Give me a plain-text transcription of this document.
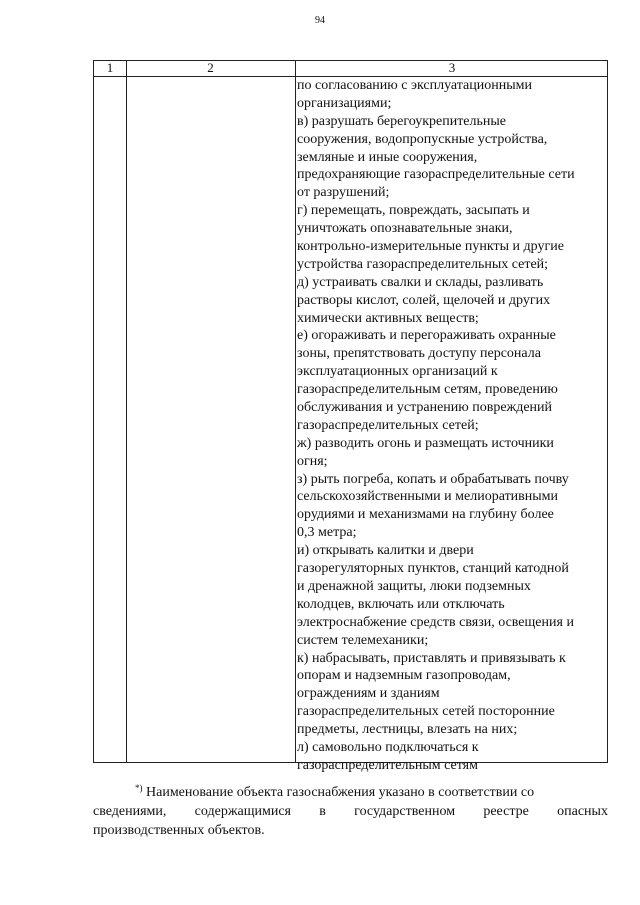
94
1	2	3
по согласованию с эксплуатационными
организациями;
в) разрушать берегоукрепительные
сооружения, водопропускные устройства,
земляные и иные сооружения,
предохраняющие газораспределительные сети
от разрушений;
г) перемещать, повреждать, засыпать и
уничтожать опознавательные знаки,
контрольно-измерительные пункты и другие
устройства газораспределительных сетей;
д) устраивать свалки и склады, разливать
растворы кислот, солей, щелочей и других
химически активных веществ;
е) огораживать и перегораживать охранные
зоны, препятствовать доступу персонала
эксплуатационных организаций к
газораспределительным сетям, проведению
обслуживания и устранению повреждений
газораспределительных сетей;
ж) разводить огонь и размещать источники
огня;
з) рыть погреба, копать и обрабатывать почву
сельскохозяйственными и мелиоративными
орудиями и механизмами на глубину более
0,3 метра;
и) открывать калитки и двери
газорегуляторных пунктов, станций катодной
и дренажной защиты, люки подземных
колодцев, включать или отключать
электроснабжение средств связи, освещения и
систем телемеханики;
к) набрасывать, приставлять и привязывать к
опорам и надземным газопроводам,
ограждениям и зданиям
газораспределительных сетей посторонние
предметы, лестницы, влезать на них;
л) самовольно подключаться к
газораспределительным сетям
*) Наименование объекта газоснабжения указано в соответствии со
сведениями, содержащимися в государственном реестре опасных
производственных объектов.
